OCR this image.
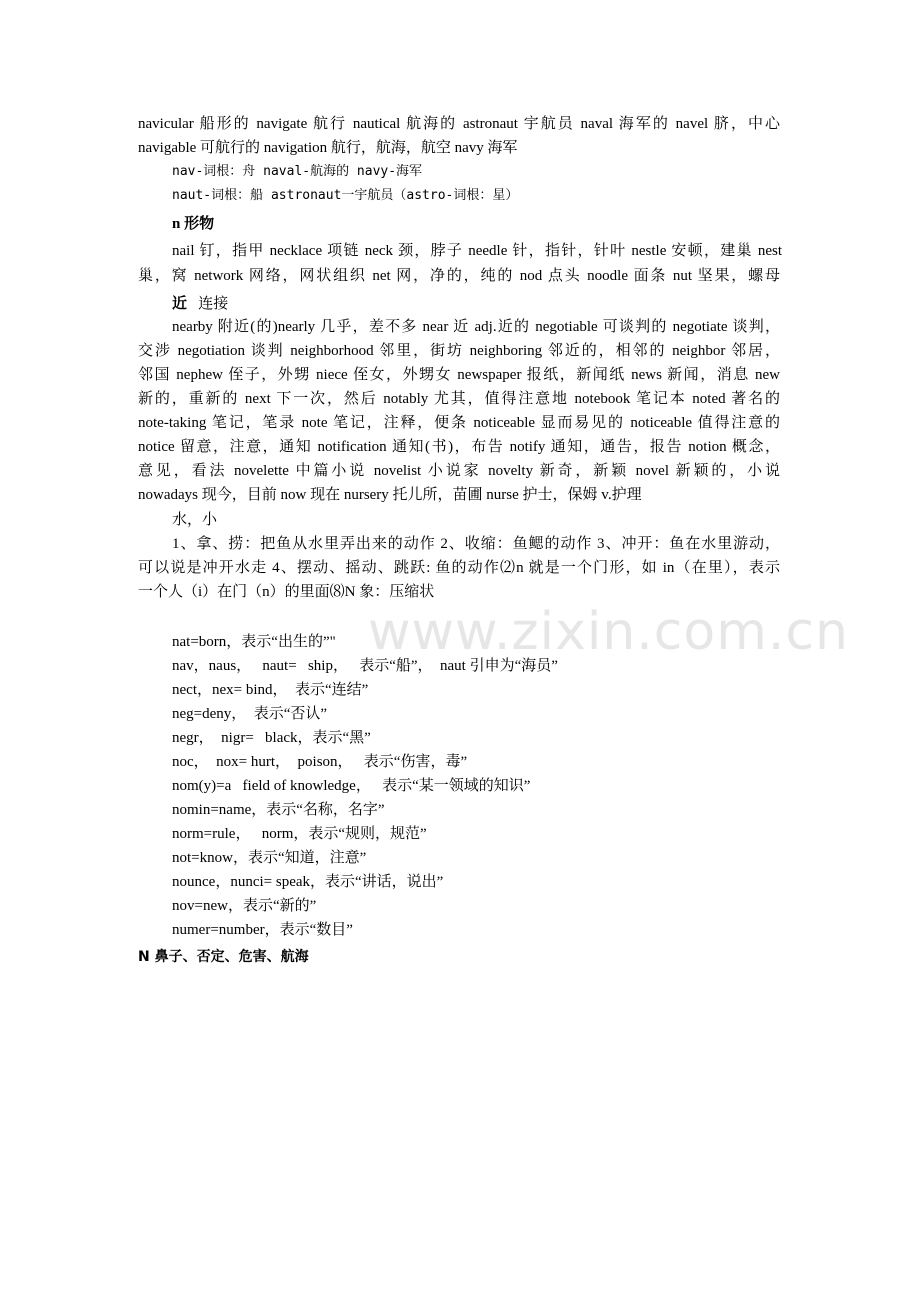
www.zixin.com.cn
navicular 船形的 navigate 航行 nautical 航海的 astronaut 宇航员 naval 海军的 navel 脐，中心
navigable 可航行的 navigation 航行，航海，航空 navy 海军
nav-词根：舟 naval-航海的 navy-海军
naut-词根：船 astronaut一宇航员（astro-词根：星）
n 形物
nail 钉，指甲 necklace 项链 neck 颈，脖子 needle 针，指针，针叶 nestle 安顿，建巢 nest
巢，窝 network 网络，网状组织 net 网，净的，纯的 nod 点头 noodle 面条 nut 坚果，螺母
近 连接
nearby 附近(的)nearly 几乎，差不多 near 近 adj.近的 negotiable 可谈判的 negotiate 谈判，
交涉 negotiation 谈判 neighborhood 邻里，街坊 neighboring 邻近的，相邻的 neighbor 邻居，
邻国 nephew 侄子，外甥 niece 侄女，外甥女 newspaper 报纸，新闻纸 news 新闻，消息 new
新的，重新的 next 下一次，然后 notably 尤其，值得注意地 notebook 笔记本 noted 著名的
note-taking 笔记，笔录 note 笔记，注释，便条 noticeable 显而易见的 noticeable 值得注意的
notice 留意，注意，通知 notification 通知(书)，布告 notify 通知，通告，报告 notion 概念，
意见，看法 novelette 中篇小说 novelist 小说家 novelty 新奇，新颖 novel 新颖的，小说
nowadays 现今，目前 now 现在 nursery 托儿所，苗圃 nurse 护士，保姆 v.护理
水，小
1、拿、捞：把鱼从水里弄出来的动作 2、收缩：鱼鳃的动作 3、冲开：鱼在水里游动，
可以说是冲开水走 4、摆动、摇动、跳跃: 鱼的动作⑵n 就是一个门形，如 in（在里），表示
一个人（i）在门（n）的里面⑻N 象：压缩状
nat=born，表示“出生的”"
nav，naus，   naut=   ship，   表示“船”，  naut 引申为“海员”
nect，nex= bind，  表示“连结”
neg=deny，  表示“否认”
negr，  nigr=   black，表示“黑”
noc，  nox= hurt，  poison，   表示“伤害，毒”
nom(y)=a   field of knowledge，   表示“某一领域的知识”
nomin=name，表示“名称，名字”
norm=rule，   norm，表示“规则，规范”
not=know，表示“知道，注意”
nounce，nunci= speak，表示“讲话，说出”
nov=new，表示“新的”
numer=number，表示“数目”
N 鼻子、否定、危害、航海
